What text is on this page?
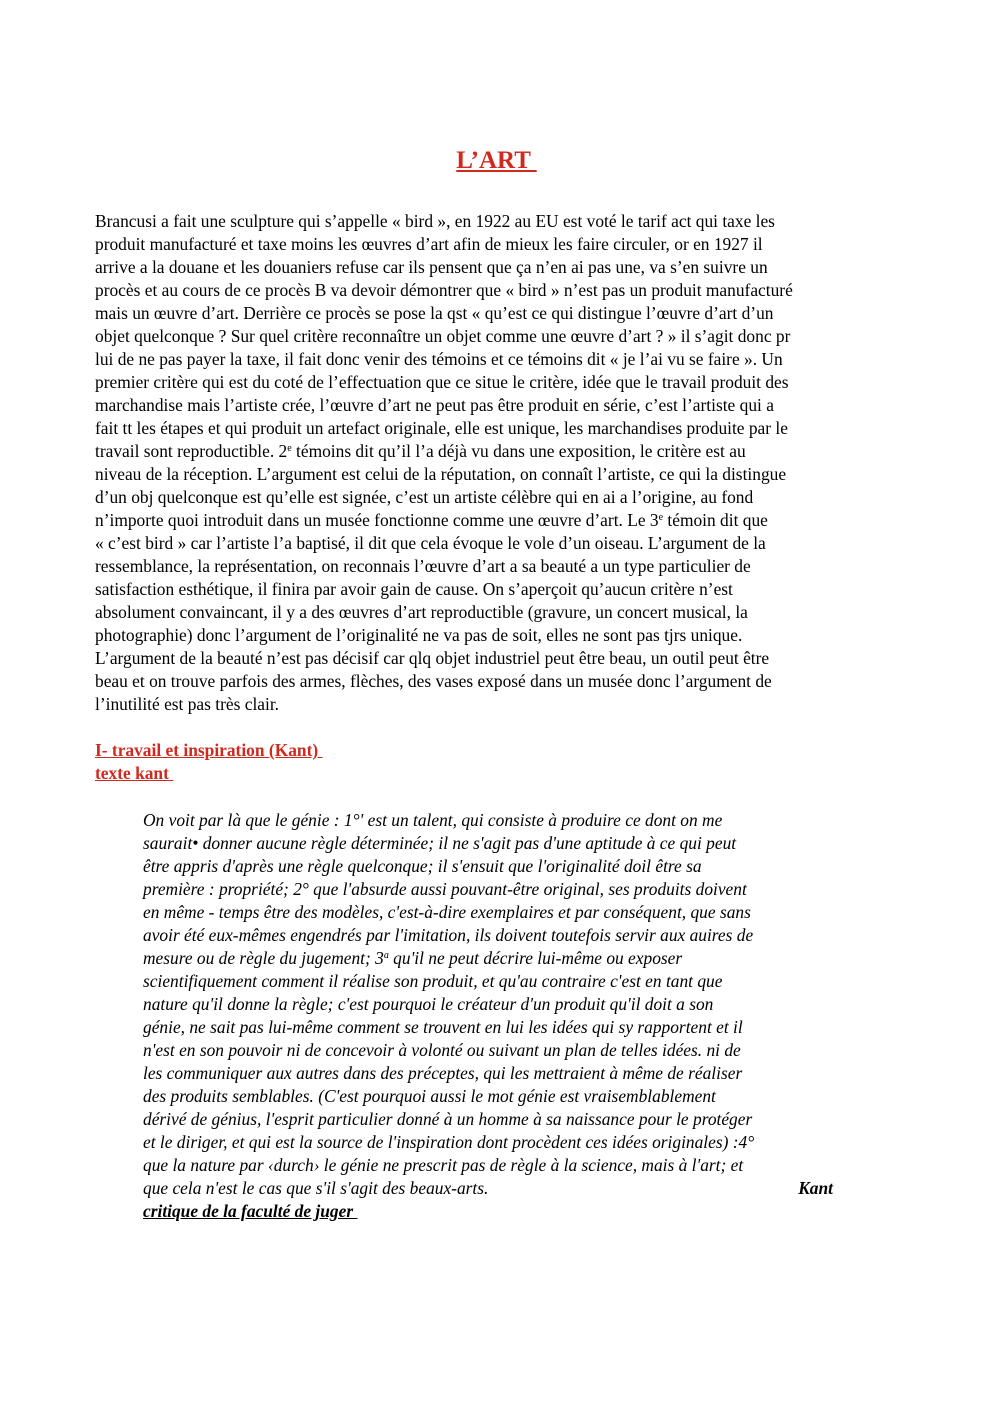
L’ART
Brancusi a fait une sculpture qui s’appelle « bird », en 1922 au EU est voté le tarif act qui taxe les
produit manufacturé et taxe moins les œuvres d’art afin de mieux les faire circuler, or en 1927 il
arrive a la douane et les douaniers refuse car ils pensent que ça n’en ai pas une, va s’en suivre un
procès et au cours de ce procès B va devoir démontrer que « bird » n’est pas un produit manufacturé
mais un œuvre d’art. Derrière ce procès se pose la qst « qu’est ce qui distingue l’œuvre d’art d’un
objet quelconque ? Sur quel critère reconnaître un objet comme une œuvre d’art ? » il s’agit donc pr
lui de ne pas payer la taxe, il fait donc venir des témoins et ce témoins dit « je l’ai vu se faire ». Un
premier critère qui est du coté de l’effectuation que ce situe le critère, idée que le travail produit des
marchandise mais l’artiste crée, l’œuvre d’art ne peut pas être produit en série, c’est l’artiste qui a
fait tt les étapes et qui produit un artefact originale, elle est unique, les marchandises produite par le
travail sont reproductible. 2e témoins dit qu’il l’a déjà vu dans une exposition, le critère est au
niveau de la réception. L’argument est celui de la réputation, on connaît l’artiste, ce qui la distingue
d’un obj quelconque est qu’elle est signée, c’est un artiste célèbre qui en ai a l’origine, au fond
n’importe quoi introduit dans un musée fonctionne comme une œuvre d’art. Le 3e témoin dit que
« c’est bird » car l’artiste l’a baptisé, il dit que cela évoque le vole d’un oiseau. L’argument de la
ressemblance, la représentation, on reconnais l’œuvre d’art a sa beauté a un type particulier de
satisfaction esthétique, il finira par avoir gain de cause. On s’aperçoit qu’aucun critère n’est
absolument convaincant, il y a des œuvres d’art reproductible (gravure, un concert musical, la
photographie) donc l’argument de l’originalité ne va pas de soit, elles ne sont pas tjrs unique.
L’argument de la beauté n’est pas décisif car qlq objet industriel peut être beau, un outil peut être
beau et on trouve parfois des armes, flèches, des vases exposé dans un musée donc l’argument de
l’inutilité est pas très clair.
I- travail et inspiration (Kant)
texte kant
On voit par là que le génie : 1°' est un talent, qui consiste à produire ce dont on me
saurait• donner aucune règle déterminée; il ne s'agit pas d'une aptitude à ce qui peut
être appris d'après une règle quelconque; il s'ensuit que l'originalité doil être sa
première : propriété; 2° que l'absurde aussi pouvant-être original, ses produits doivent
en même - temps être des modèles, c'est-à-dire exemplaires et par conséquent, que sans
avoir été eux-mêmes engendrés par l'imitation, ils doivent toutefois servir aux auires de
mesure ou de règle du jugement; 3$^a$ qu'il ne peut décrire lui-même ou exposer
scientifiquement comment il réalise son produit, et qu'au contraire c'est en tant que
nature qu'il donne la règle; c'est pourquoi le créateur d'un produit qu'il doit a son
génie, ne sait pas lui-même comment se trouvent en lui les idées qui sy rapportent et il
n'est en son pouvoir ni de concevoir à volonté ou suivant un plan de telles idées. ni de
les communiquer aux autres dans des préceptes, qui les mettraient à même de réaliser
des produits semblables. (C'est pourquoi aussi le mot génie est vraisemblablement
dérivé de génius, l'esprit particulier donné à un homme à sa naissance pour le protéger
et le diriger, et qui est la source de l'inspiration dont procèdent ces idées originales) :4°
que la nature par ‹durch› le génie ne prescrit pas de règle à la science, mais à l'art; et
que cela n'est le cas que s'il s'agit des beaux-arts.	Kant
critique de la faculté de juger
